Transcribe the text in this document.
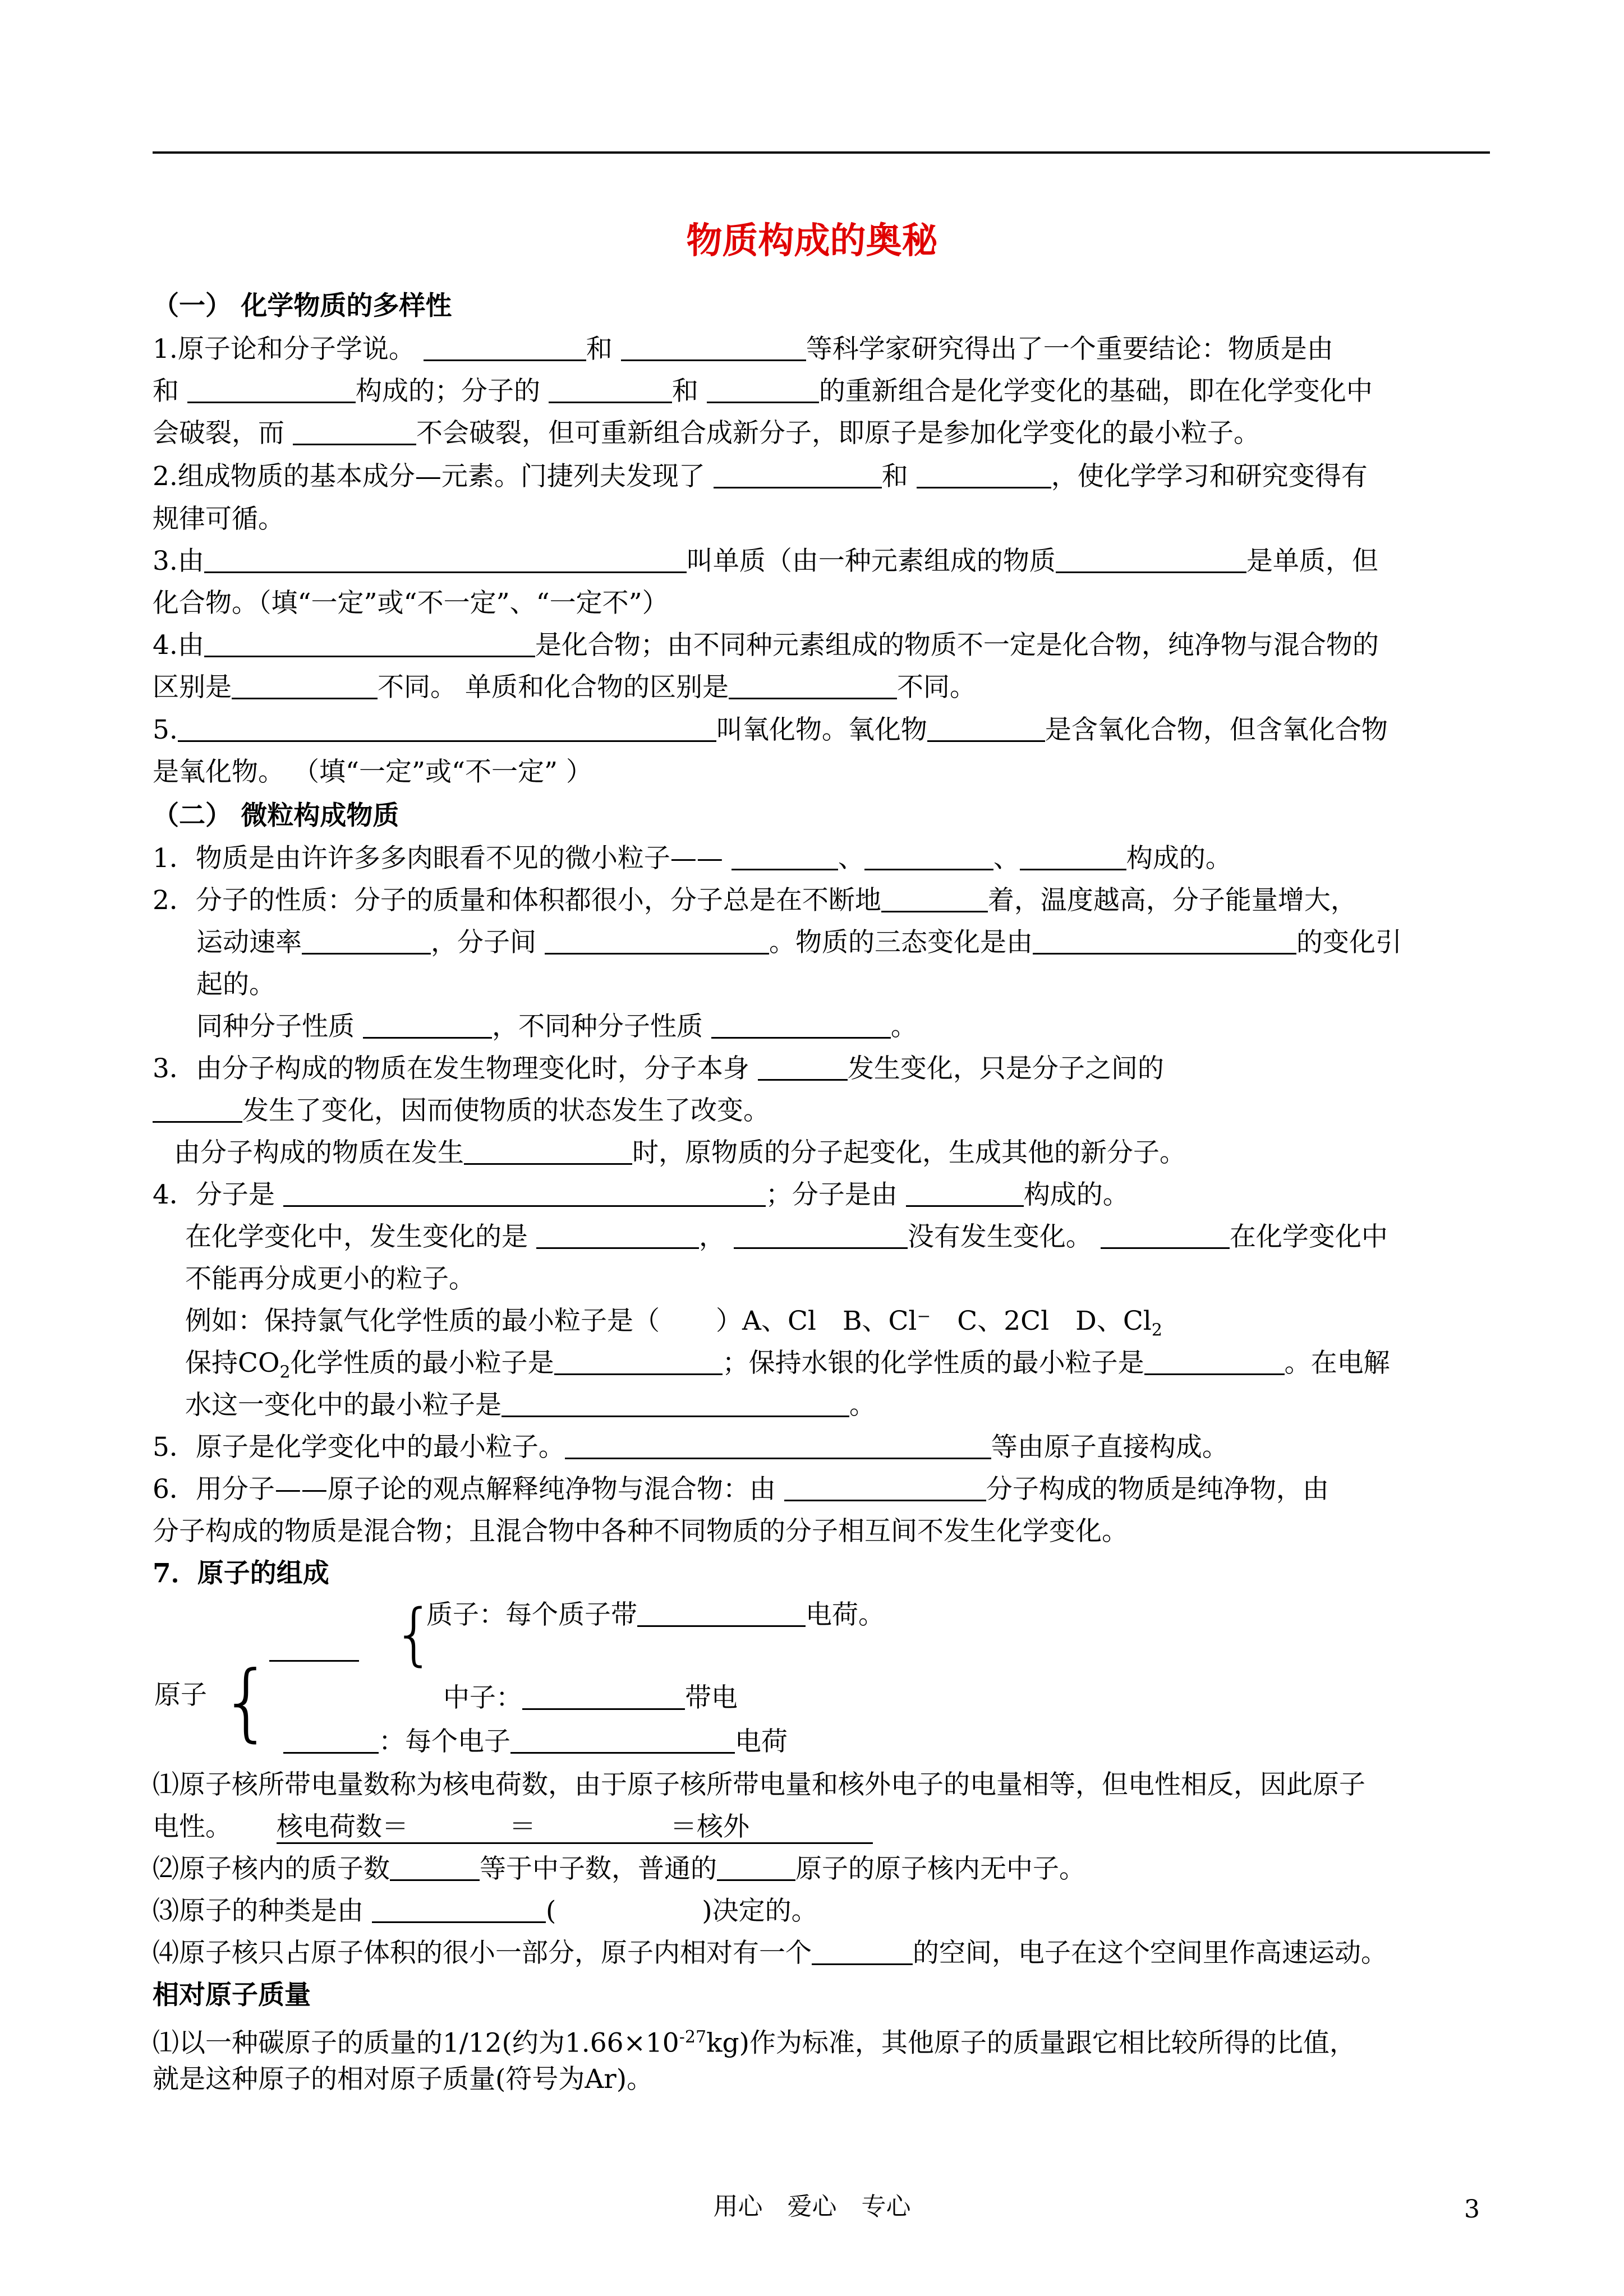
物质构成的奥秘
（一） 化学物质的多样性
1.原子论和分子学说。	和	等科学家研究得出了一个重要结论：物质是由
和	构成的；分子的	和	的重新组合是化学变化的基础，即在化学变化中
会破裂，而	不会破裂，但可重新组合成新分子，即原子是参加化学变化的最小粒子。
2.组成物质的基本成分—元素。门捷列夫发现了	和	，使化学学习和研究变得有
规律可循。
3.由	叫单质（由一种元素组成的物质	是单质，但
化合物。（填“一定”或“不一定”、“一定不”）
4.由	是化合物；由不同种元素组成的物质不一定是化合物，纯净物与混合物的
区别是	不同。 单质和化合物的区别是	不同。
5.	叫氧化物。氧化物	是含氧化合物，但含氧化合物
是氧化物。 （填“一定”或“不一定” ）
（二） 微粒构成物质
1．物质是由许许多多肉眼看不见的微小粒子——	、	、	构成的。
2．分子的性质：分子的质量和体积都很小，分子总是在不断地	着，温度越高，分子能量增大，
运动速率	，分子间	。物质的三态变化是由	的变化引
起的。
同种分子性质	，不同种分子性质	。
3．由分子构成的物质在发生物理变化时，分子本身	发生变化，只是分子之间的
发生了变化，因而使物质的状态发生了改变。
由分子构成的物质在发生	时，原物质的分子起变化，生成其他的新分子。
4．分子是	；分子是由	构成的。
在化学变化中，发生变化的是	，	没有发生变化。	在化学变化中
不能再分成更小的粒子。
例如：保持氯气化学性质的最小粒子是（ ）A、Cl　 B、Cl⁻　 C、2Cl　 D、$Cl_2$
保持$CO_2$化学性质的最小粒子是	；保持水银的化学性质的最小粒子是	。在电解
水这一变化中的最小粒子是	。
5．原子是化学变化中的最小粒子。	等由原子直接构成。
6．用分子——原子论的观点解释纯净物与混合物：由	分子构成的物质是纯净物，由
分子构成的物质是混合物；且混合物中各种不同物质的分子相互间不发生化学变化。
7．原子的组成
原子 {
{
质子：每个质子带	电荷。
中子：	带电
：每个电子	电荷
⑴原子核所带电量数称为核电荷数，由于原子核所带电量和核外电子的电量相等，但电性相反，因此原子
电性。 核电荷数＝	＝	＝核外
⑵原子核内的质子数	等于中子数，普通的	原子的原子核内无中子。
⑶原子的种类是由	(	)决定的。
⑷原子核只占原子体积的很小一部分，原子内相对有一个	的空间，电子在这个空间里作高速运动。
相对原子质量
⑴以一种碳原子的质量的1/12(约为$1.66\times 10^{-27}kg$)作为标准，其他原子的质量跟它相比较所得的比值，
就是这种原子的相对原子质量(符号为Ar)。
用心　爱心　专心	3
